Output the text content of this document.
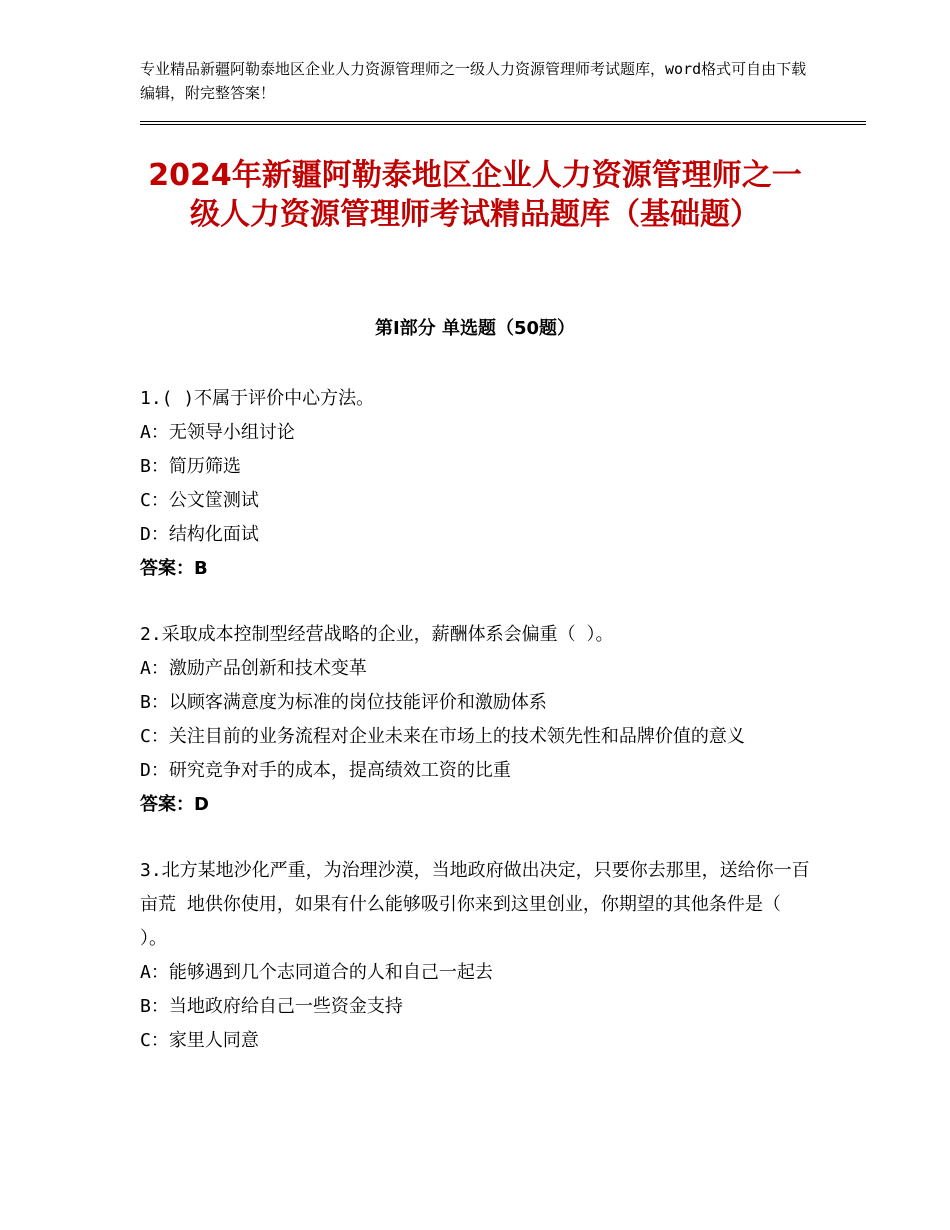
专业精品新疆阿勒泰地区企业人力资源管理师之一级人力资源管理师考试题库，word格式可自由下载编辑，附完整答案！
2024年新疆阿勒泰地区企业人力资源管理师之一级人力资源管理师考试精品题库（基础题）
第Ⅰ部分 单选题（50题）

1.( )不属于评价中心方法。

A：无领导小组讨论

B：简历筛选

C：公文筐测试

D：结构化面试

答案：B

2.采取成本控制型经营战略的企业，薪酬体系会偏重（ ）。

A：激励产品创新和技术变革

B：以顾客满意度为标准的岗位技能评价和激励体系

C：关注目前的业务流程对企业未来在市场上的技术领先性和品牌价值的意义

D：研究竞争对手的成本，提高绩效工资的比重

答案：D

3.北方某地沙化严重，为治理沙漠，当地政府做出决定，只要你去那里，送给你一百亩荒 地供你使用，如果有什么能够吸引你来到这里创业，你期望的其他条件是（ ）。

A：能够遇到几个志同道合的人和自己一起去

B：当地政府给自己一些资金支持

C：家里人同意
